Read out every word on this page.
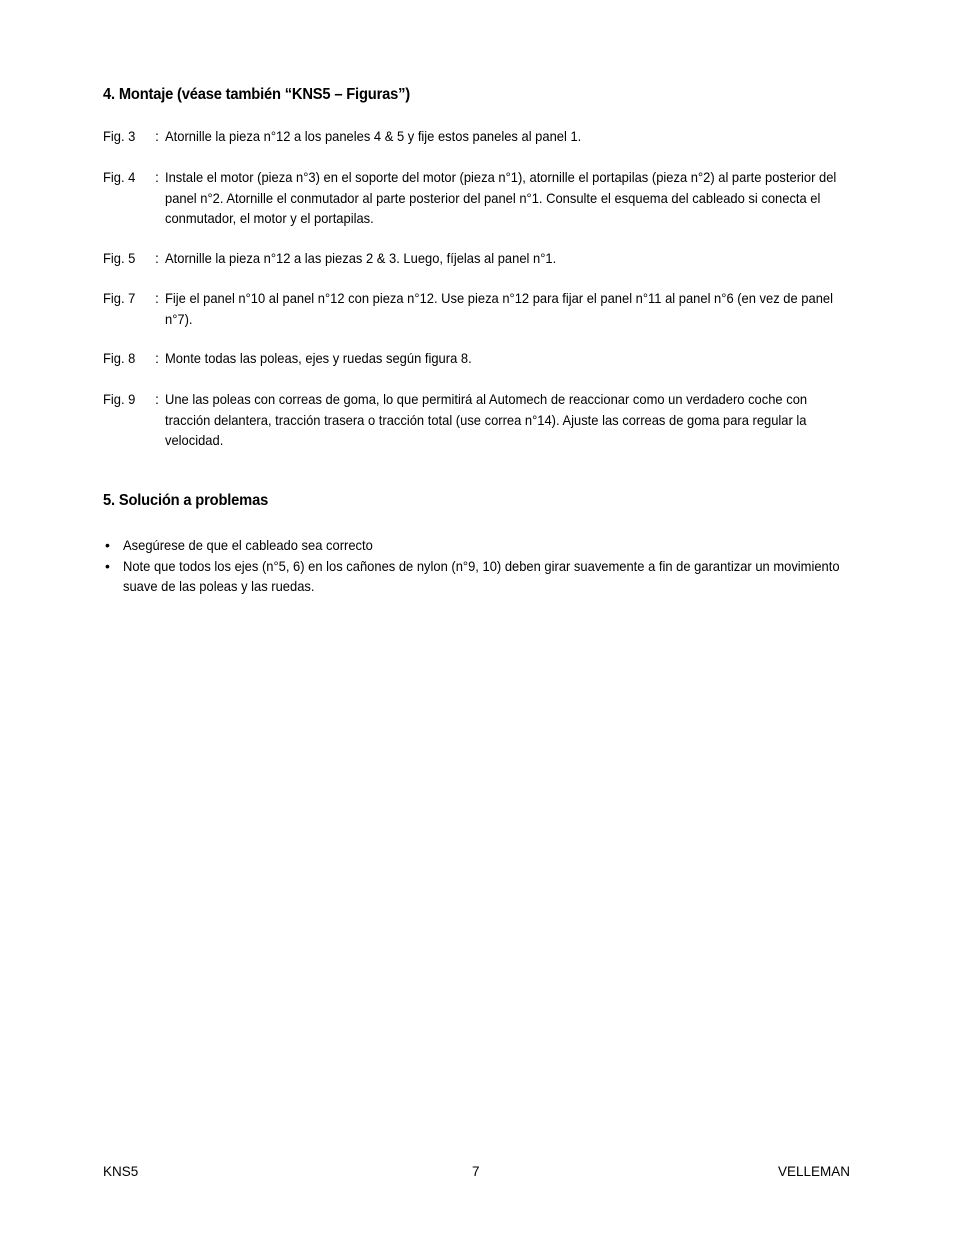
4. Montaje (véase también “KNS5 – Figuras”)
Fig. 3	: Atornille la pieza n°12 a los paneles 4 & 5 y fije estos paneles al panel 1.
Fig. 4	: Instale el motor (pieza n°3) en el soporte del motor (pieza n°1), atornille el portapilas (pieza n°2) al parte posterior del panel n°2. Atornille el conmutador al parte posterior del panel n°1. Consulte el esquema del cableado si conecta el conmutador, el motor y el portapilas.
Fig. 5	: Atornille la pieza n°12 a las piezas 2 & 3. Luego, fíjelas al panel n°1.
Fig. 7	: Fije el panel n°10 al panel n°12 con pieza n°12. Use pieza n°12 para fijar el panel n°11 al panel n°6 (en vez de panel n°7).
Fig. 8	: Monte todas las poleas, ejes y ruedas según figura 8.
Fig. 9	: Une las poleas con correas de goma, lo que permitirá al Automech de reaccionar como un verdadero coche con tracción delantera, tracción trasera o tracción total (use correa n°14). Ajuste las correas de goma para regular la velocidad.
5. Solución a problemas
• Asegúrese de que el cableado sea correcto
• Note que todos los ejes (n°5, 6) en los cañones de nylon (n°9, 10) deben girar suavemente a fin de garantizar un movimiento suave de las poleas y las ruedas.
KNS5	7	VELLEMAN
